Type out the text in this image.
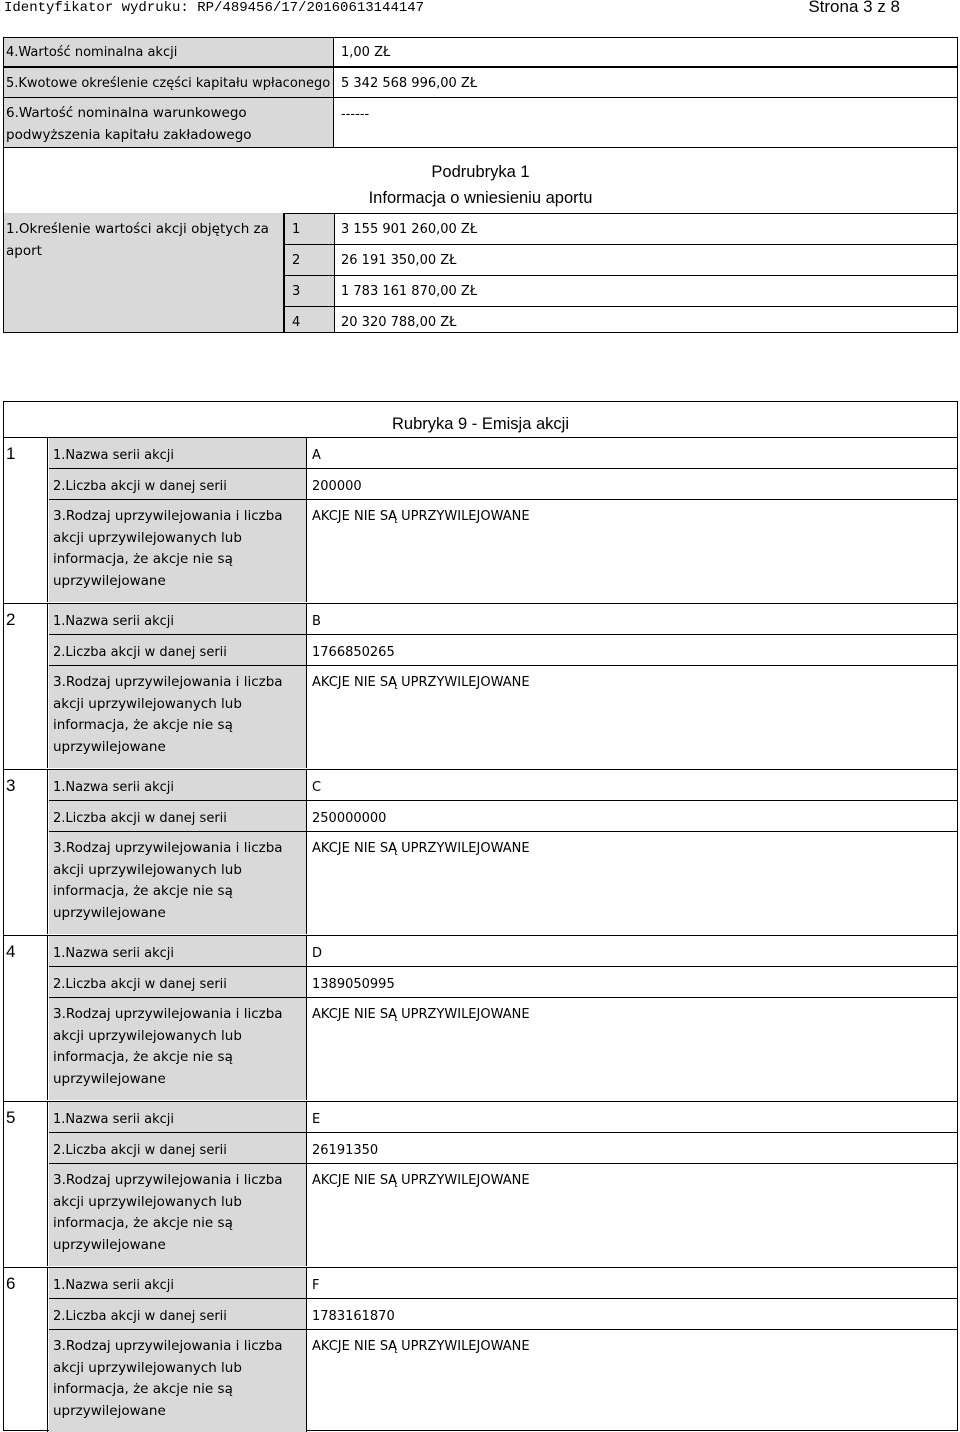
Identyfikator wydruku: RP/489456/17/20160613144147	Strona 3 z 8
4.Wartość nominalna akcji	1,00 ZŁ
5.Kwotowe określenie części kapitału wpłaconego 5 342 568 996,00 ZŁ
6.Wartość nominalna warunkowego podwyższenia kapitału zakładowego
------
Podrubryka 1
Informacja o wniesieniu aportu
1.Określenie wartości akcji objętych za aport
1	3 155 901 260,00 ZŁ
2	26 191 350,00 ZŁ
3	1 783 161 870,00 ZŁ
4	20 320 788,00 ZŁ
Rubryka 9 - Emisja akcji
1	1.Nazwa serii akcji	A
2.Liczba akcji w danej serii	200000
3.Rodzaj uprzywilejowania i liczba akcji uprzywilejowanych lub informacja, że akcje nie są uprzywilejowane
AKCJE NIE SĄ UPRZYWILEJOWANE
2	1.Nazwa serii akcji	B
2.Liczba akcji w danej serii	1766850265
3.Rodzaj uprzywilejowania i liczba akcji uprzywilejowanych lub informacja, że akcje nie są uprzywilejowane
AKCJE NIE SĄ UPRZYWILEJOWANE
3	1.Nazwa serii akcji	C
2.Liczba akcji w danej serii	250000000
3.Rodzaj uprzywilejowania i liczba akcji uprzywilejowanych lub informacja, że akcje nie są uprzywilejowane
AKCJE NIE SĄ UPRZYWILEJOWANE
4	1.Nazwa serii akcji	D
2.Liczba akcji w danej serii	1389050995
3.Rodzaj uprzywilejowania i liczba akcji uprzywilejowanych lub informacja, że akcje nie są uprzywilejowane
AKCJE NIE SĄ UPRZYWILEJOWANE
5	1.Nazwa serii akcji	E
2.Liczba akcji w danej serii	26191350
3.Rodzaj uprzywilejowania i liczba akcji uprzywilejowanych lub informacja, że akcje nie są uprzywilejowane
AKCJE NIE SĄ UPRZYWILEJOWANE
6	1.Nazwa serii akcji	F
2.Liczba akcji w danej serii	1783161870
3.Rodzaj uprzywilejowania i liczba akcji uprzywilejowanych lub informacja, że akcje nie są uprzywilejowane
AKCJE NIE SĄ UPRZYWILEJOWANE
